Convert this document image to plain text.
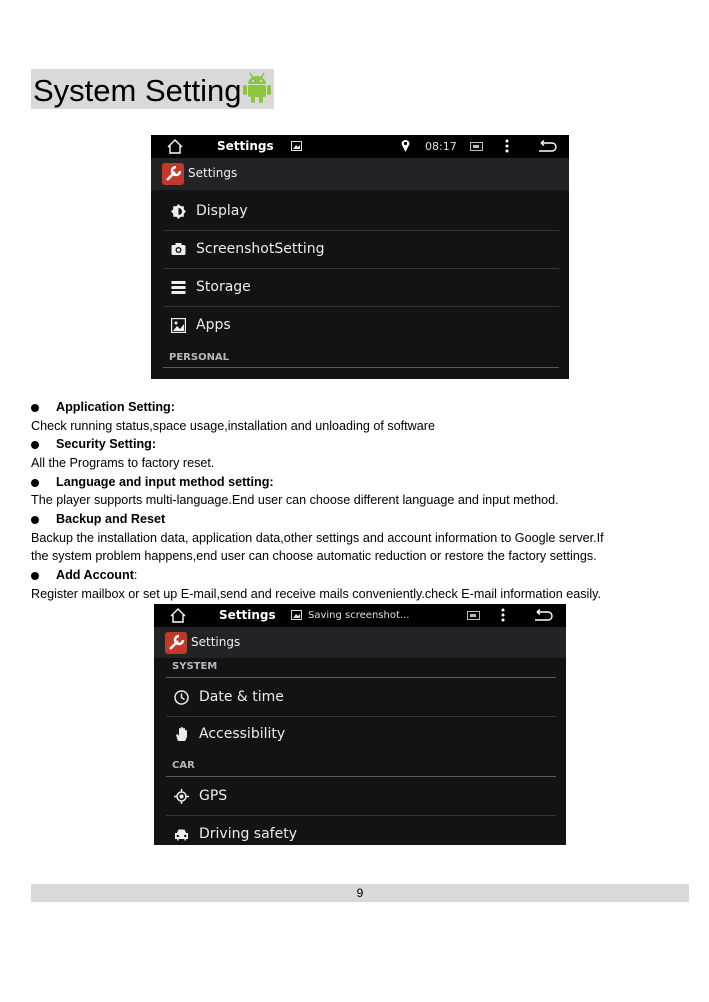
System Setting
Settings	08:17
Settings
Display
ScreenshotSetting
Storage
Apps
PERSONAL
Application Setting:
Check running status,space usage,installation and unloading of software
Security Setting:
All the Programs to factory reset.
Language and input method setting:
The player supports multi-language.End user can choose different language and input method.
Backup and Reset
Backup the installation data, application data,other settings and account information to Google server.If
the system problem happens,end user can choose automatic reduction or restore the factory settings.
Add Account:
Register mailbox or set up E-mail,send and receive mails conveniently.check E-mail information easily.
Settings	Saving screenshot...
Settings
SYSTEM
Date & time
Accessibility
CAR
GPS
Driving safety
9
